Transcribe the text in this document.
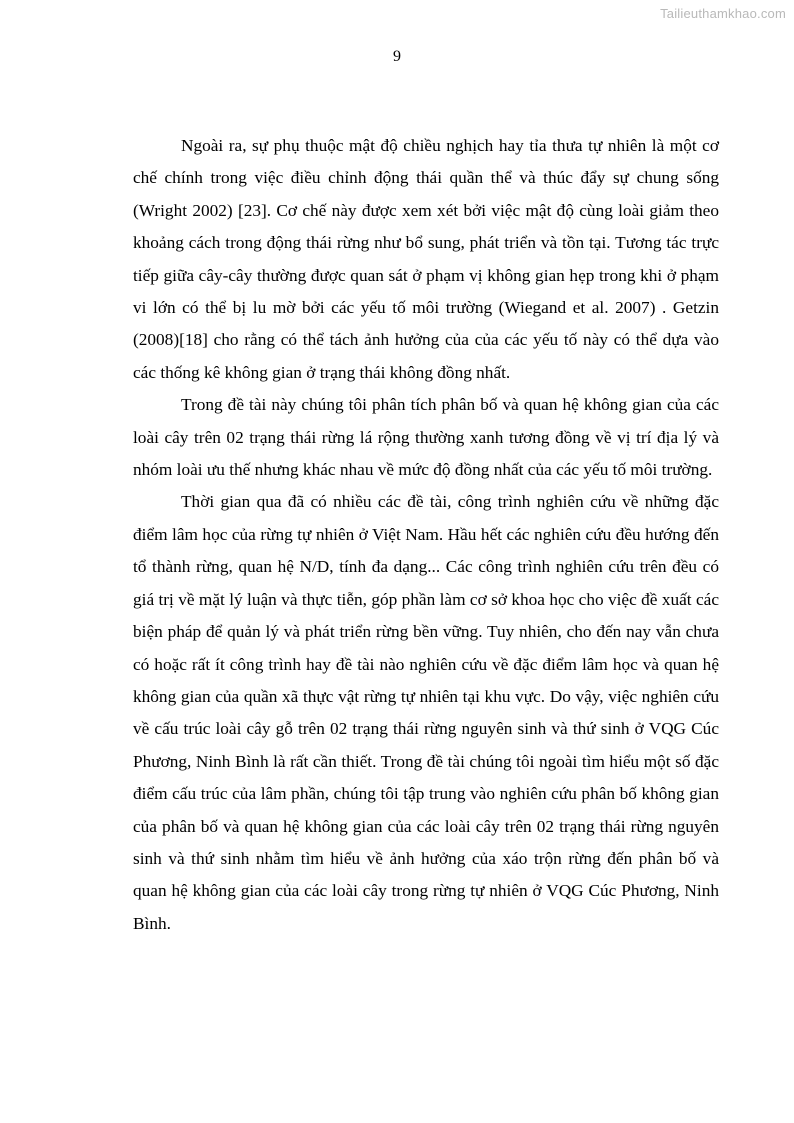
Tailieuthamkhao.com
9

Ngoài ra, sự phụ thuộc mật độ chiều nghịch hay tỉa thưa tự nhiên là một cơ chế chính trong việc điều chỉnh động thái quần thể và thúc đẩy sự chung sống (Wright 2002) [23]. Cơ chế này được xem xét bởi việc mật độ cùng loài giảm theo khoảng cách trong động thái rừng như bổ sung, phát triển và tồn tại. Tương tác trực tiếp giữa cây-cây thường được quan sát ở phạm vị không gian hẹp trong khi ở phạm vi lớn có thể bị lu mờ bởi các yếu tố môi trường (Wiegand et al. 2007) . Getzin (2008)[18] cho rằng có thể tách ảnh hưởng của của các yếu tố này có thể dựa vào các thống kê không gian ở trạng thái không đồng nhất.

Trong đề tài này chúng tôi phân tích phân bố và quan hệ không gian của các loài cây trên 02 trạng thái rừng lá rộng thường xanh tương đồng về vị trí địa lý và nhóm loài ưu thế nhưng khác nhau về mức độ đồng nhất của các yếu tố môi trường.

Thời gian qua đã có nhiều các đề tài, công trình nghiên cứu về những đặc điểm lâm học của rừng tự nhiên ở Việt Nam. Hầu hết các nghiên cứu đều hướng đến tổ thành rừng, quan hệ N/D, tính đa dạng... Các công trình nghiên cứu trên đều có giá trị về mặt lý luận và thực tiễn, góp phần làm cơ sở khoa học cho việc đề xuất các biện pháp để quản lý và phát triển rừng bền vững. Tuy nhiên, cho đến nay vẫn chưa có hoặc rất ít công trình hay đề tài nào nghiên cứu về đặc điểm lâm học và quan hệ không gian của quần xã thực vật rừng tự nhiên tại khu vực. Do vậy, việc nghiên cứu về cấu trúc loài cây gỗ trên 02 trạng thái rừng nguyên sinh và thứ sinh ở VQG Cúc Phương, Ninh Bình là rất cần thiết. Trong đề tài chúng tôi ngoài tìm hiểu một số đặc điểm cấu trúc của lâm phần, chúng tôi tập trung vào nghiên cứu phân bố không gian của phân bố và quan hệ không gian của các loài cây trên 02 trạng thái rừng nguyên sinh và thứ sinh nhằm tìm hiểu về ảnh hưởng của xáo trộn rừng đến phân bố và quan hệ không gian của các loài cây trong rừng tự nhiên ở VQG Cúc Phương, Ninh Bình.
